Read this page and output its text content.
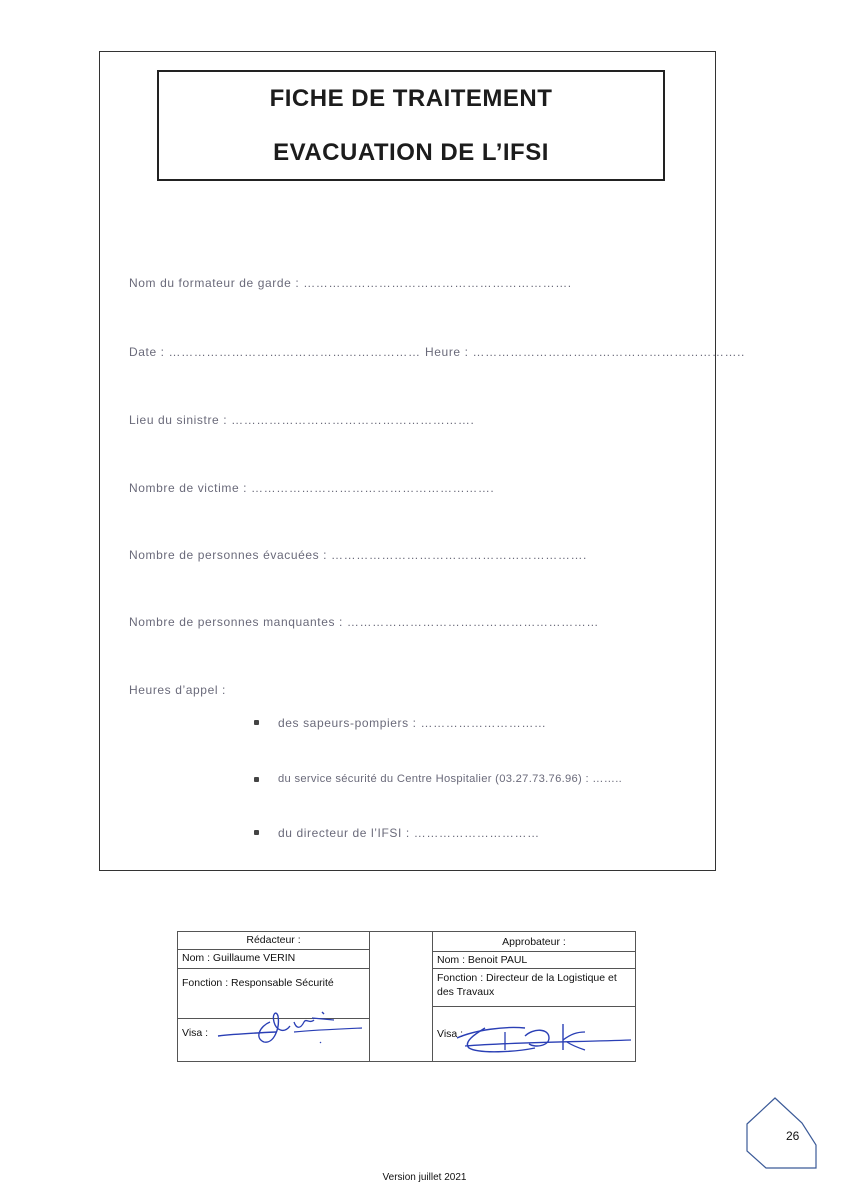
FICHE DE TRAITEMENT
EVACUATION DE L’IFSI
Nom du formateur de garde : ……………………………………………………….
Date : …………………………………………………… Heure : ………………………………………………………..
Lieu du sinistre : ………………………………………………….
Nombre de victime : ………………………………………………….
Nombre de personnes évacuées : …………………………………………………….
Nombre de personnes manquantes : ……………………………………………………
Heures d’appel :
des sapeurs-pompiers : …………………………
du service sécurité du Centre Hospitalier (03.27.73.76.96) : ……..
du directeur de l’IFSI : …………………………
Rédacteur :
Nom : Guillaume VERIN
Fonction : Responsable Sécurité
Visa :
Approbateur :
Nom : Benoit PAUL
Fonction : Directeur de la Logistique et des Travaux
Visa :
26
Version juillet 2021
